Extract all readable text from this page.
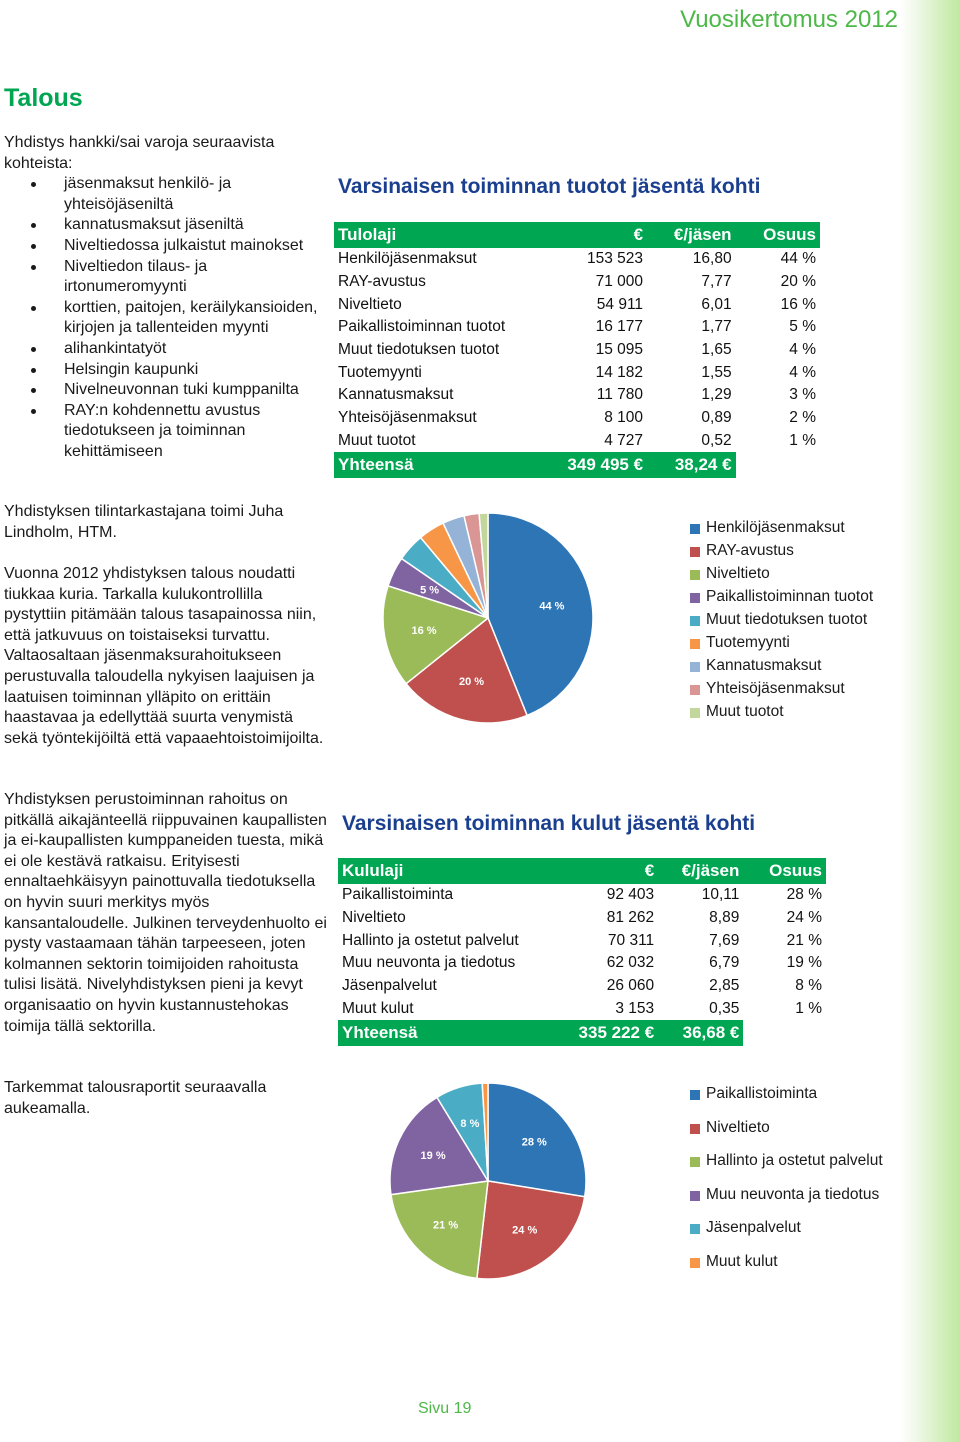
Vuosikertomus 2012
Talous

Yhdistys hankki/sai varoja seuraavista kohteista:

jäsenmaksut henkilö- ja yhteisöjäseniltä
kannatusmaksut jäseniltä
Niveltiedossa julkaistut mainokset
Niveltiedon tilaus- ja irtonumeromyynti
korttien, paitojen, keräilykansioiden, kirjojen ja tallenteiden myynti
alihankintatyöt
Helsingin kaupunki
Nivelneuvonnan tuki kumppanilta
RAY:n kohdennettu avustus tiedotukseen ja toiminnan kehittämiseen
Yhdistyksen tilintarkastajana toimi Juha Lindholm, HTM.
Vuonna 2012 yhdistyksen talous noudatti tiukkaa kuria. Tarkalla kulukontrollilla pystyttiin pitämään talous tasapainossa niin, että jatkuvuus on toistaiseksi turvattu. Valtaosaltaan jäsenmaksurahoitukseen perustuvalla taloudella nykyisen laajuisen ja laatuisen toiminnan ylläpito on erittäin haastavaa ja edellyttää suurta venymistä sekä työntekijöiltä että vapaaehtoistoimijoilta.
Yhdistyksen perustoiminnan rahoitus on pitkällä aikajänteellä riippuvainen kaupallisten ja ei-kaupallisten kumppaneiden tuesta, mikä ei ole kestävä ratkaisu. Erityisesti ennaltaehkäisyyn painottuvalla tiedotuksella on hyvin suuri merkitys myös kansantaloudelle. Julkinen terveydenhuolto ei pysty vastaamaan tähän tarpeeseen, joten kolmannen sektorin toimijoiden rahoitusta tulisi lisätä. Nivelyhdistyksen pieni ja kevyt organisaatio on hyvin kustannustehokas toimija tällä sektorilla.
Tarkemmat talousraportit seuraavalla aukeamalla.
Varsinaisen toiminnan tuotot jäsentä kohti
Tulolaji	€	€/jäsen	Osuus
Henkilöjäsenmaksut	153 523	16,80	44 %
RAY-avustus	71 000	7,77	20 %
Niveltieto	54 911	6,01	16 %
Paikallistoiminnan tuotot	16 177	1,77	5 %
Muut tiedotuksen tuotot	15 095	1,65	4 %
Tuotemyynti	14 182	1,55	4 %
Kannatusmaksut	11 780	1,29	3 %
Yhteisöjäsenmaksut	8 100	0,89	2 %
Muut tuotot	4 727	0,52	1 %
Yhteensä	349 495 €	38,24 €	
44 %
20 %
16 %
5 %
Henkilöjäsenmaksut
RAY-avustus
Niveltieto
Paikallistoiminnan tuotot
Muut tiedotuksen tuotot
Tuotemyynti
Kannatusmaksut
Yhteisöjäsenmaksut
Muut tuotot
Varsinaisen toiminnan kulut jäsentä kohti
Kululaji	€	€/jäsen	Osuus
Paikallistoiminta	92 403	10,11	28 %
Niveltieto	81 262	8,89	24 %
Hallinto ja ostetut palvelut	70 311	7,69	21 %
Muu neuvonta ja tiedotus	62 032	6,79	19 %
Jäsenpalvelut	26 060	2,85	8 %
Muut kulut	3 153	0,35	1 %
Yhteensä	335 222 €	36,68 €	
28 %
24 %
21 %
19 %
8 %
Paikallistoiminta
Niveltieto
Hallinto ja ostetut palvelut
Muu neuvonta ja tiedotus
Jäsenpalvelut
Muut kulut
Sivu 19
